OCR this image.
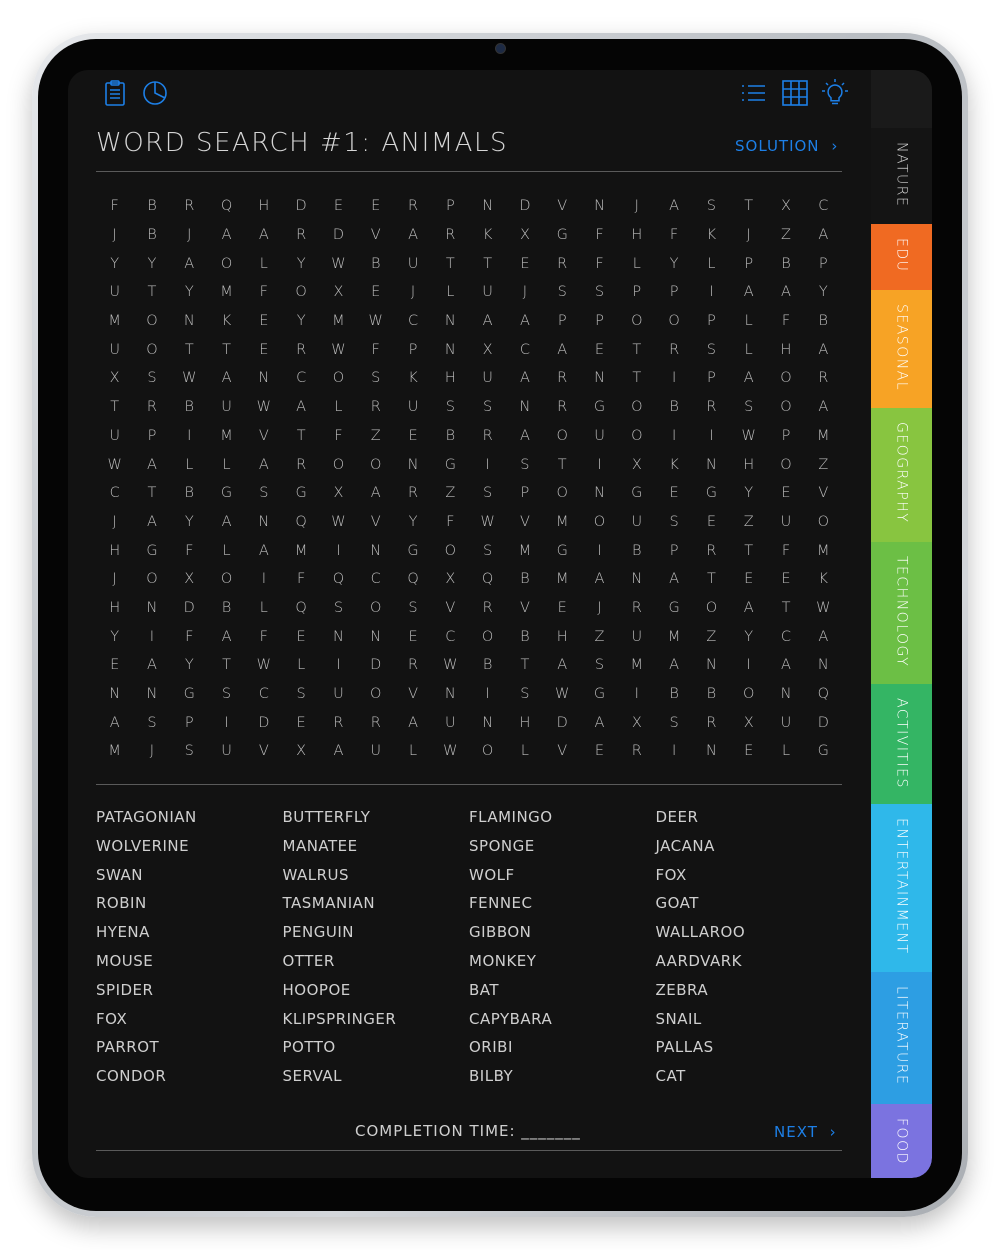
WORD SEARCH #1: ANIMALS	SOLUTION ›
F	B	R	Q	H	D	E	E	R	P	N	D	V	N	J	A	S	T	X	C
J	B	J	A	A	R	D	V	A	R	K	X	G	F	H	F	K	J	Z	A
Y	Y	A	O	L	Y	W	B	U	T	T	E	R	F	L	Y	L	P	B	P
U	T	Y	M	F	O	X	E	J	L	U	J	S	S	P	P	I	A	A	Y
M	O	N	K	E	Y	M	W	C	N	A	A	P	P	O	O	P	L	F	B
U	O	T	T	E	R	W	F	P	N	X	C	A	E	T	R	S	L	H	A
X	S	W	A	N	C	O	S	K	H	U	A	R	N	T	I	P	A	O	R
T	R	B	U	W	A	L	R	U	S	S	N	R	G	O	B	R	S	O	A
U	P	I	M	V	T	F	Z	E	B	R	A	O	U	O	I	I	W	P	M
W	A	L	L	A	R	O	O	N	G	I	S	T	I	X	K	N	H	O	Z
C	T	B	G	S	G	X	A	R	Z	S	P	O	N	G	E	G	Y	E	V
J	A	Y	A	N	Q	W	V	Y	F	W	V	M	O	U	S	E	Z	U	O
H	G	F	L	A	M	I	N	G	O	S	M	G	I	B	P	R	T	F	M
J	O	X	O	I	F	Q	C	Q	X	Q	B	M	A	N	A	T	E	E	K
H	N	D	B	L	Q	S	O	S	V	R	V	E	J	R	G	O	A	T	W
Y	I	F	A	F	E	N	N	E	C	O	B	H	Z	U	M	Z	Y	C	A
E	A	Y	T	W	L	I	D	R	W	B	T	A	S	M	A	N	I	A	N
N	N	G	S	C	S	U	O	V	N	I	S	W	G	I	B	B	O	N	Q
A	S	P	I	D	E	R	R	A	U	N	H	D	A	X	S	R	X	U	D
M	J	S	U	V	X	A	U	L	W	O	L	V	E	R	I	N	E	L	G
PATAGONIAN	BUTTERFLY	FLAMINGO	DEER
WOLVERINE	MANATEE	SPONGE	JACANA
SWAN	WALRUS	WOLF	FOX
ROBIN	TASMANIAN	FENNEC	GOAT
HYENA	PENGUIN	GIBBON	WALLAROO
MOUSE	OTTER	MONKEY	AARDVARK
SPIDER	HOOPOE	BAT	ZEBRA
FOX	KLIPSPRINGER	CAPYBARA	SNAIL
PARROT	POTTO	ORIBI	PALLAS
CONDOR	SERVAL	BILBY	CAT
COMPLETION TIME: _______	NEXT ›
NATURE
EDU
SEASONAL
GEOGRAPHY
TECHNOLOGY
ACTIVITIES
ENTERTAINMENT
LITERATURE
FOOD
